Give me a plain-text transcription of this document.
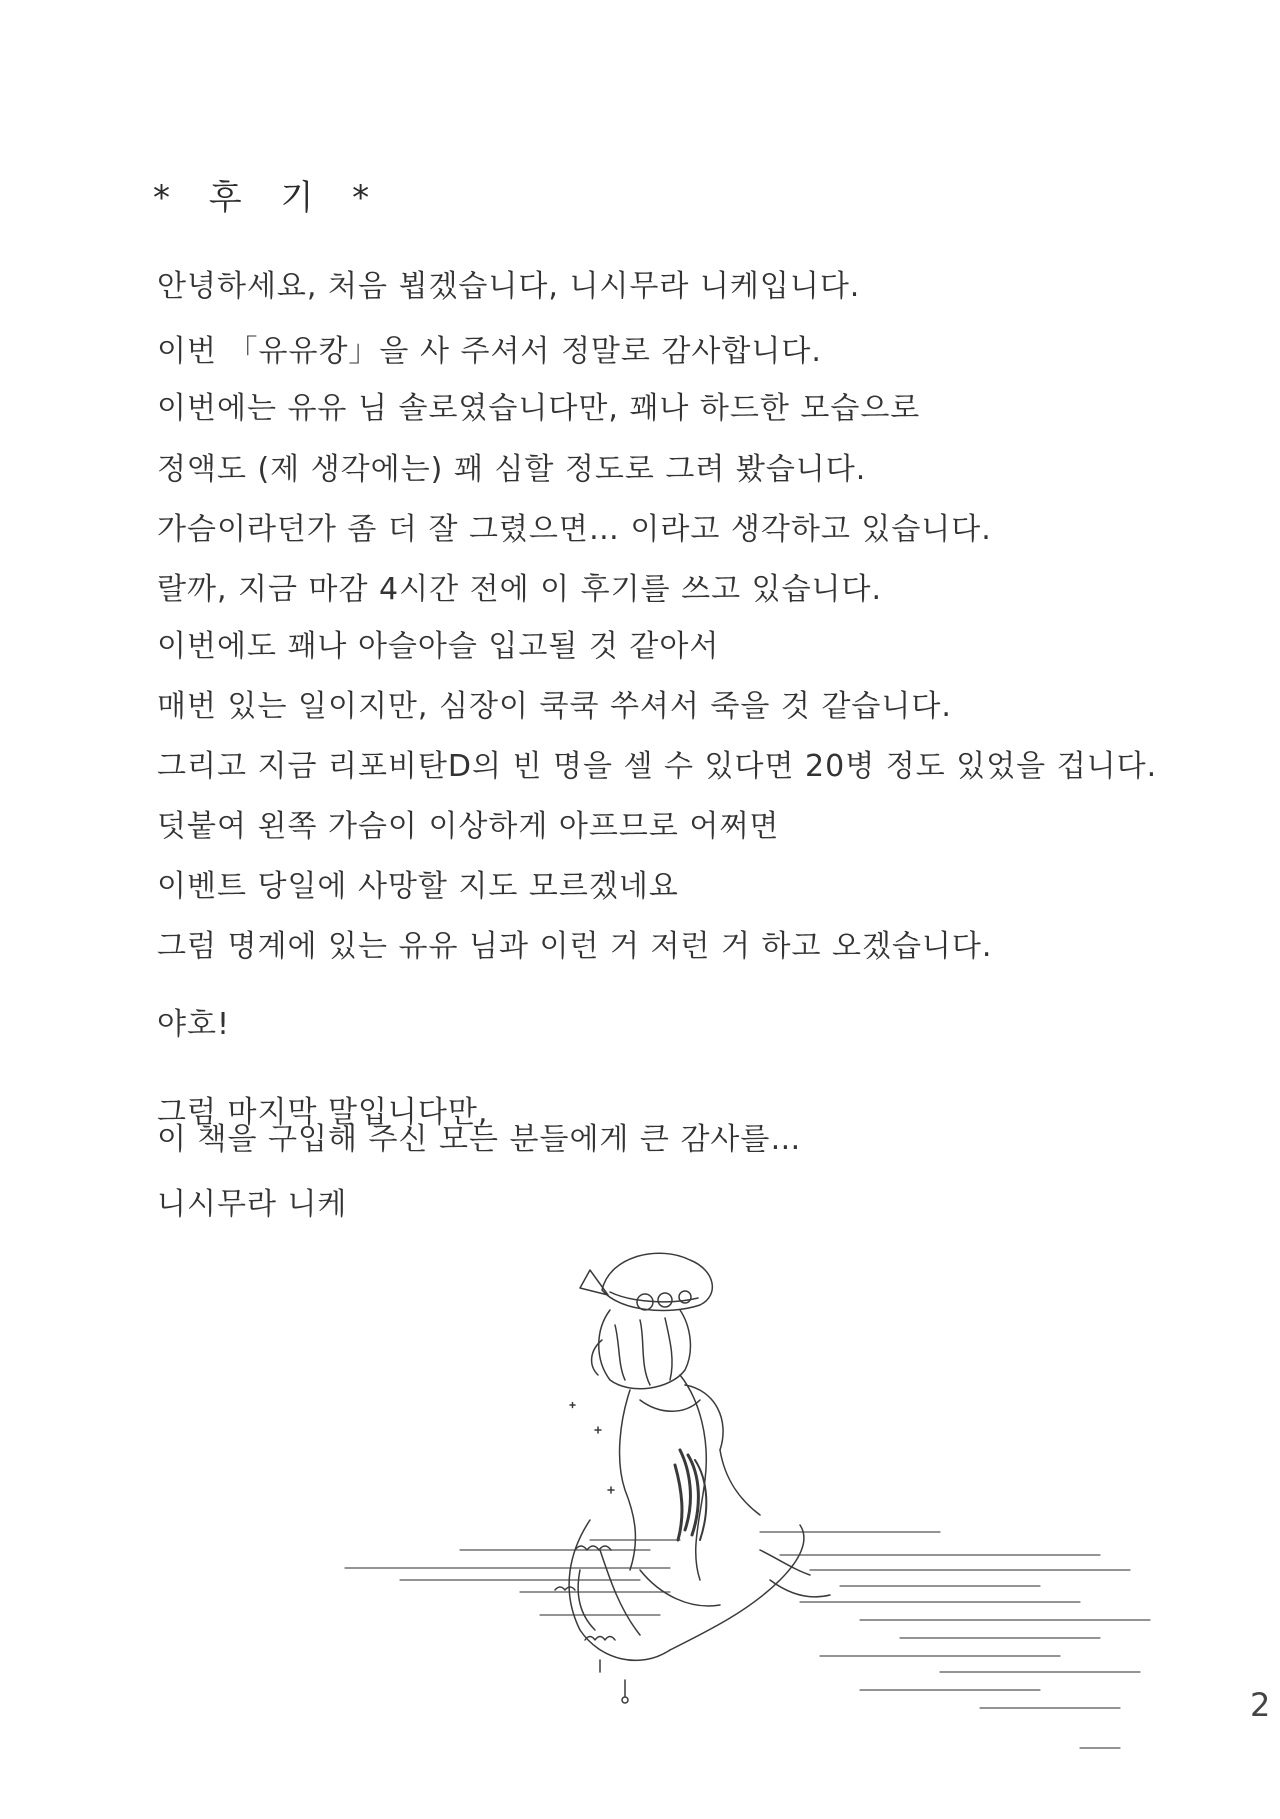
* 후 기 *
안녕하세요, 처음 뵙겠습니다, 니시무라 니케입니다.
이번 「유유캉」을 사 주셔서 정말로 감사합니다.
이번에는 유유 님 솔로였습니다만, 꽤나 하드한 모습으로
정액도 (제 생각에는) 꽤 심할 정도로 그려 봤습니다.
가슴이라던가 좀 더 잘 그렸으면… 이라고 생각하고 있습니다.
랄까, 지금 마감 4시간 전에 이 후기를 쓰고 있습니다.
이번에도 꽤나 아슬아슬 입고될 것 같아서
매번 있는 일이지만, 심장이 쿡쿡 쑤셔서 죽을 것 같습니다.
그리고 지금 리포비탄D의 빈 명을 셀 수 있다면 20병 정도 있었을 겁니다.
덧붙여 왼쪽 가슴이 이상하게 아프므로 어쩌면
이벤트 당일에 사망할 지도 모르겠네요
그럼 명계에 있는 유유 님과 이런 거 저런 거 하고 오겠습니다.
야호!
그럼 마지막 말입니다만,
이 책을 구입해 주신 모든 분들에게 큰 감사를…
니시무라 니케
2
